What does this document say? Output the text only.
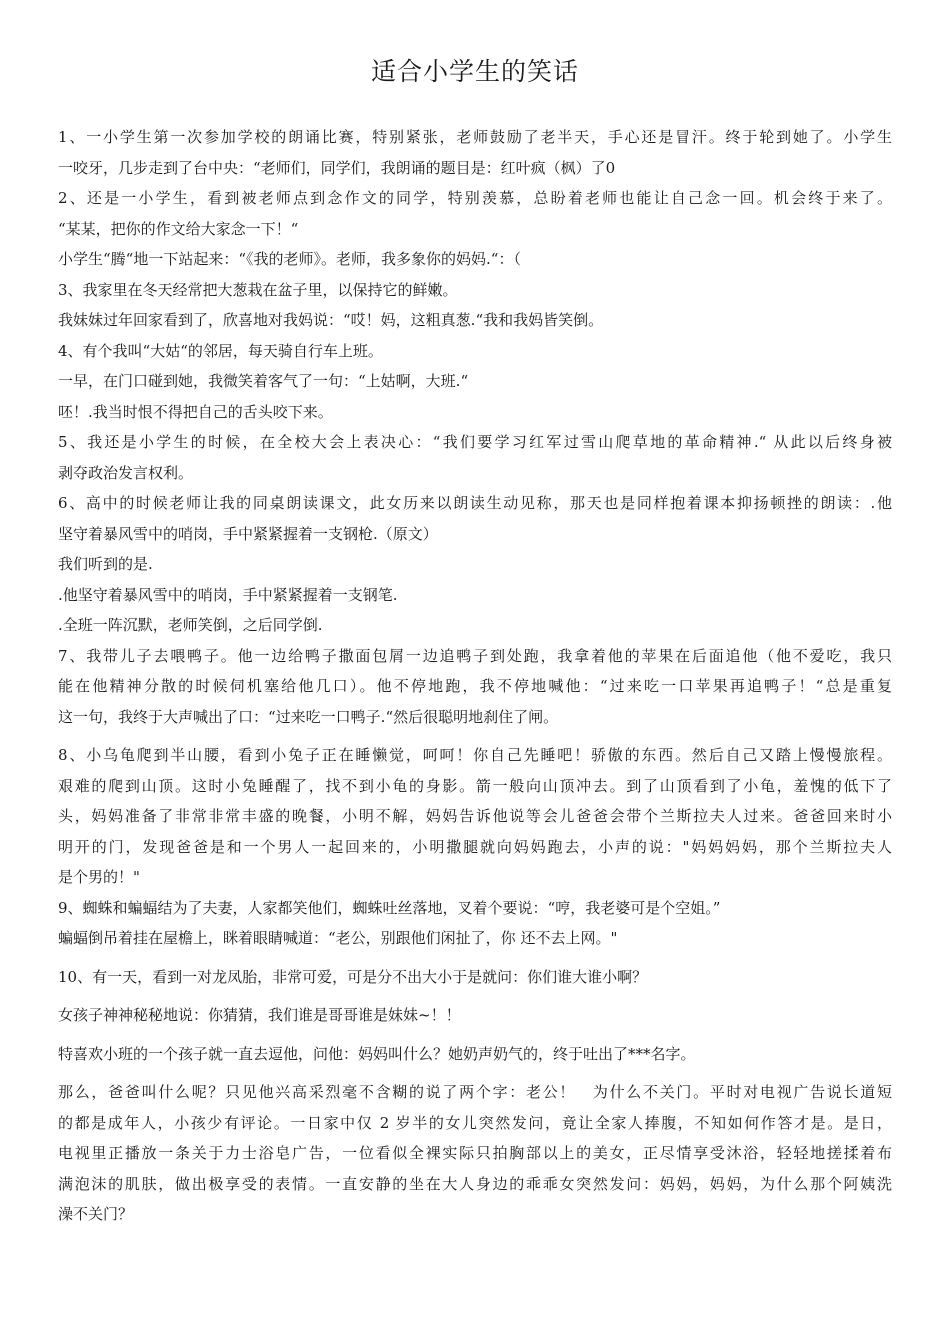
适合小学生的笑话

1、一小学生第一次参加学校的朗诵比赛，特别紧张，老师鼓励了老半天，手心还是冒汗。终于轮到她了。小学生

一咬牙，几步走到了台中央：“老师们，同学们，我朗诵的题目是：红叶疯（枫）了0

2、还是一小学生，看到被老师点到念作文的同学，特别羡慕，总盼着老师也能让自己念一回。机会终于来了。

“某某，把你的作文给大家念一下！“

小学生“腾“地一下站起来：“《我的老师》。老师，我多象你的妈妈.“：（

3、我家里在冬天经常把大葱栽在盆子里，以保持它的鲜嫩。

我妹妹过年回家看到了，欣喜地对我妈说：“哎！妈，这粗真葱.“我和我妈皆笑倒。

4、有个我叫“大姑“的邻居，每天骑自行车上班。

一早，在门口碰到她，我微笑着客气了一句：“上姑啊，大班.“

呸！.我当时恨不得把自己的舌头咬下来。

5、我还是小学生的时候，在全校大会上表决心：“我们要学习红军过雪山爬草地的革命精神.“ 从此以后终身被

剥夺政治发言权利。

6、高中的时候老师让我的同桌朗读课文，此女历来以朗读生动见称，那天也是同样抱着课本抑扬顿挫的朗读：.他

坚守着暴风雪中的哨岗，手中紧紧握着一支钢枪.（原文）

我们听到的是.

.他坚守着暴风雪中的哨岗，手中紧紧握着一支钢笔.

.全班一阵沉默，老师笑倒，之后同学倒.

7、我带儿子去喂鸭子。他一边给鸭子撒面包屑一边追鸭子到处跑，我拿着他的苹果在后面追他（他不爱吃，我只

能在他精神分散的时候伺机塞给他几口）。他不停地跑，我不停地喊他：“过来吃一口苹果再追鸭子！“总是重复

这一句，我终于大声喊出了口：“过来吃一口鸭子.“然后很聪明地刹住了闸。

8、小乌龟爬到半山腰，看到小兔子正在睡懒觉，呵呵！你自己先睡吧！骄傲的东西。然后自己又踏上慢慢旅程。

艰难的爬到山顶。这时小兔睡醒了，找不到小龟的身影。箭一般向山顶冲去。到了山顶看到了小龟，羞愧的低下了

头，妈妈准备了非常非常丰盛的晚餐，小明不解，妈妈告诉他说等会儿爸爸会带个兰斯拉夫人过来。爸爸回来时小

明开的门，发现爸爸是和一个男人一起回来的，小明撒腿就向妈妈跑去，小声的说："妈妈妈妈，那个兰斯拉夫人

是个男的！"

9、蜘蛛和蝙蝠结为了夫妻，人家都笑他们，蜘蛛吐丝落地，叉着个要说：“哼，我老婆可是个空姐。”

蝙蝠倒吊着挂在屋檐上，眯着眼睛喊道：“老公，别跟他们闲扯了，你 还不去上网。"

10、有一天，看到一对龙凤胎，非常可爱，可是分不出大小于是就问：你们谁大谁小啊？

女孩子神神秘秘地说：你猜猜，我们谁是哥哥谁是妹妹~！！

特喜欢小班的一个孩子就一直去逗他，问他：妈妈叫什么？她奶声奶气的，终于吐出了***名字。

那么，爸爸叫什么呢？只见他兴高采烈毫不含糊的说了两个字：老公！　为什么不关门。平时对电视广告说长道短

的都是成年人，小孩少有评论。一日家中仅 2 岁半的女儿突然发问，竟让全家人捧腹，不知如何作答才是。是日，

电视里正播放一条关于力士浴皂广告，一位看似全裸实际只拍胸部以上的美女，正尽情享受沐浴，轻轻地搓揉着布

满泡沫的肌肤，做出极享受的表情。一直安静的坐在大人身边的乖乖女突然发问：妈妈，妈妈，为什么那个阿姨洗

澡不关门？
